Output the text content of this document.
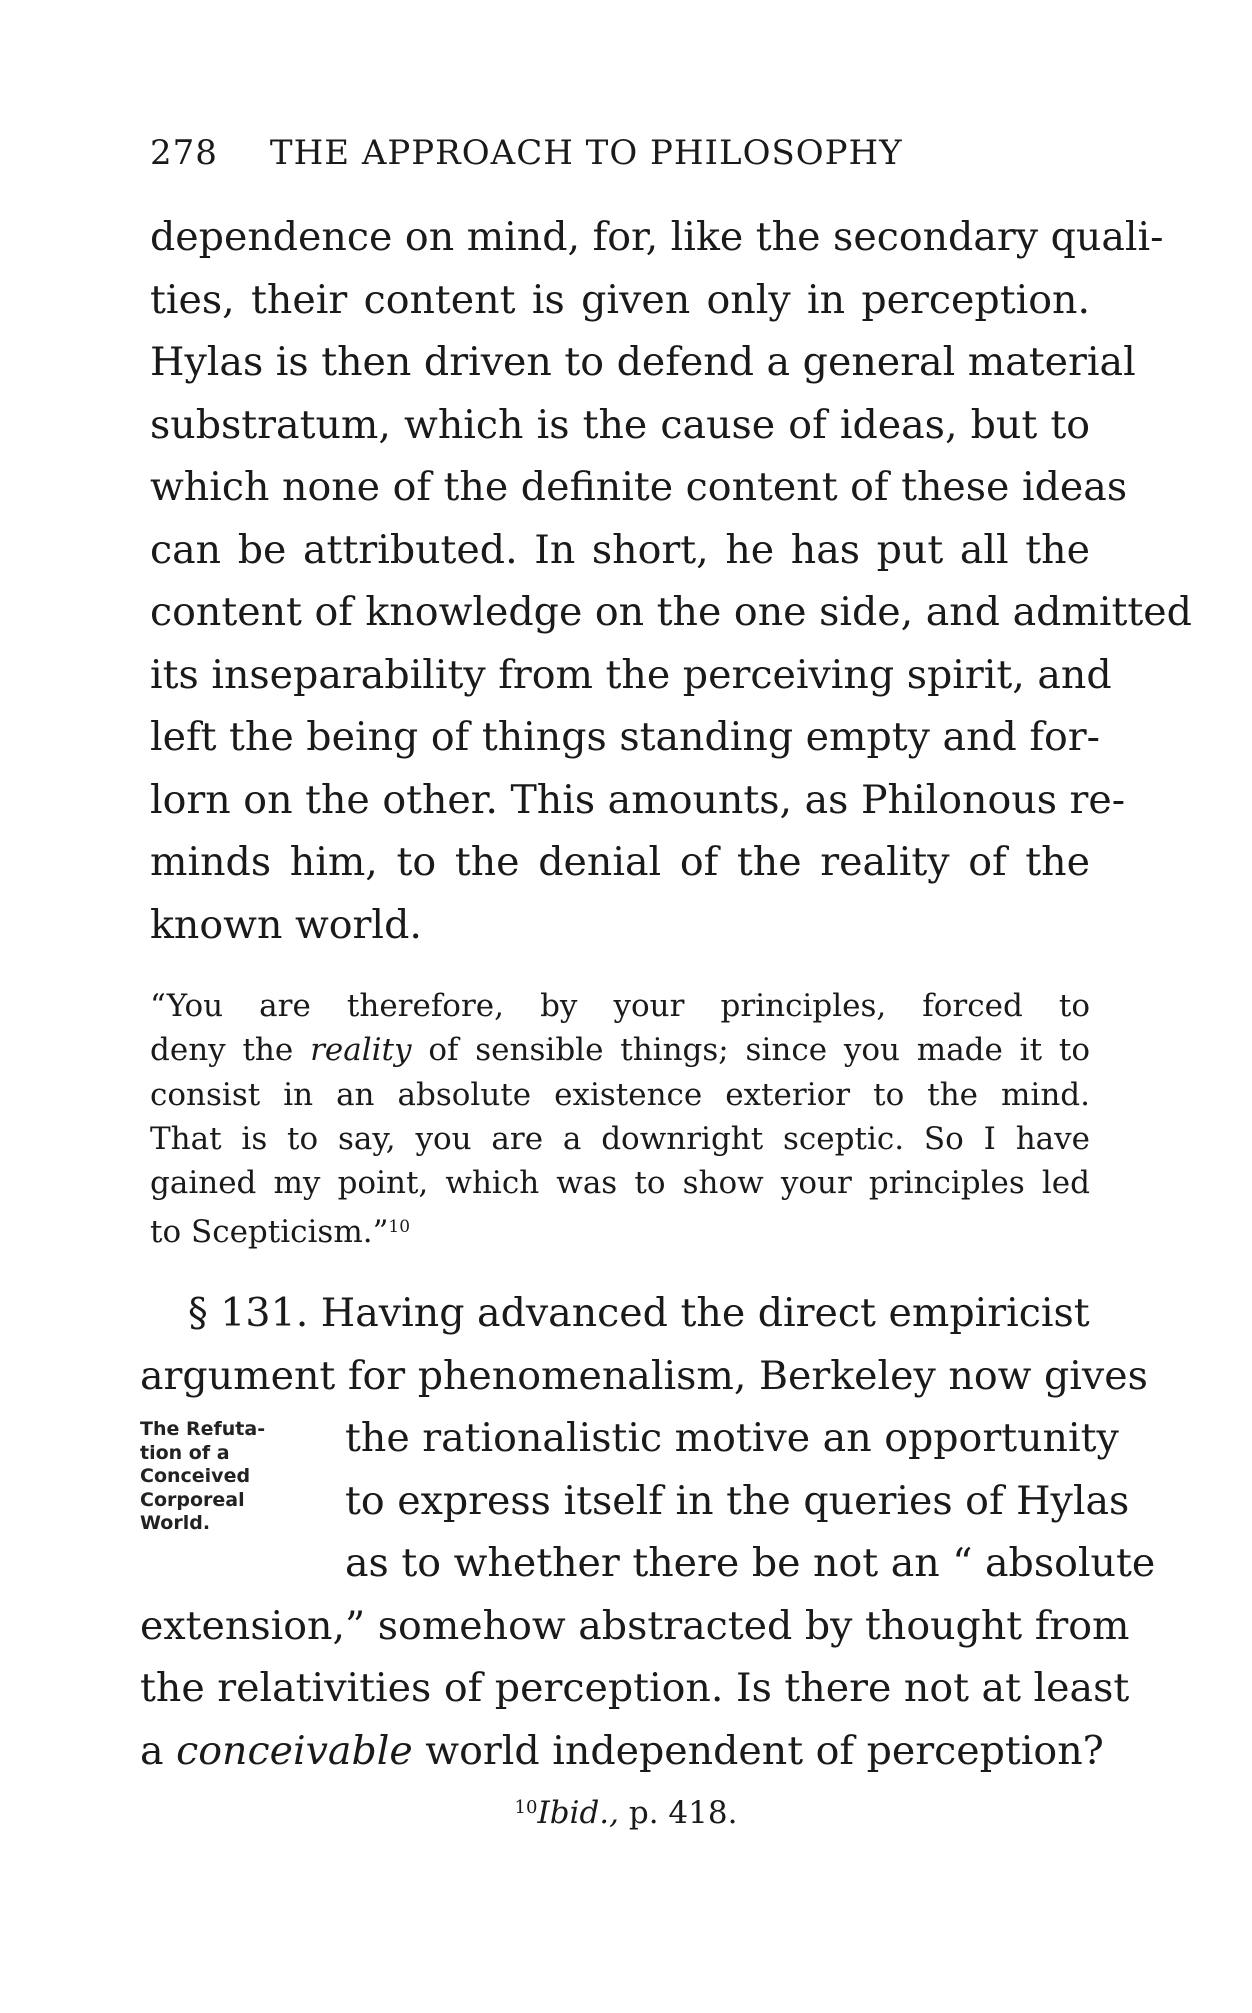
278 THE APPROACH TO PHILOSOPHY
dependence on mind, for, like the secondary quali-
ties, their content is given only in perception.
Hylas is then driven to defend a general material
substratum, which is the cause of ideas, but to
which none of the definite content of these ideas
can be attributed. In short, he has put all the
content of knowledge on the one side, and admitted
its inseparability from the perceiving spirit, and
left the being of things standing empty and for-
lorn on the other. This amounts, as Philonous re-
minds him, to the denial of the reality of the
known world.
“You are therefore, by your principles, forced to
deny the reality of sensible things; since you made it to
consist in an absolute existence exterior to the mind.
That is to say, you are a downright sceptic. So I have
gained my point, which was to show your principles led
to Scepticism.”$^{10}$
The Refuta-
tion of a
Conceived
Corporeal
World.
§ 131. Having advanced the direct empiricist
argument for phenomenalism, Berkeley now gives
the rationalistic motive an opportunity
to express itself in the queries of Hylas
as to whether there be not an “ absolute
extension,” somehow abstracted by thought from
the relativities of perception. Is there not at least
a conceivable world independent of perception?
$^{10}$Ibid., p. 418.
